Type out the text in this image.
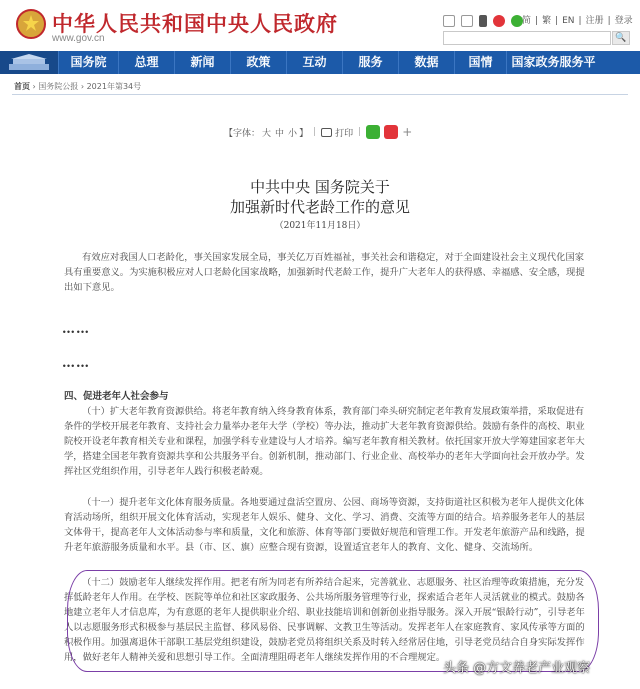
中华人民共和国中央人民政府
www.gov.cn
简 | 繁 | EN | 注册 | 登录
🔍
国务院	总理	新闻	政策	互动	服务	数据	国情	国家政务服务平台
首页 › 国务院公报 › 2021年第34号
【字体： 大 中 小 】 | 打印 |	+
中共中央 国务院关于
加强新时代老龄工作的意见
（2021年11月18日）
有效应对我国人口老龄化，事关国家发展全局，事关亿万百姓福祉，事关社会和谐稳定，对于全面建设社会主义现代化国家具有重要意义。为实施积极应对人口老龄化国家战略，加强新时代老龄工作，提升广大老年人的获得感、幸福感、安全感，现提出如下意见。
……
……
四、促进老年人社会参与
（十）扩大老年教育资源供给。将老年教育纳入终身教育体系，教育部门牵头研究制定老年教育发展政策举措，采取促进有条件的学校开展老年教育、支持社会力量举办老年大学（学校）等办法，推动扩大老年教育资源供给。鼓励有条件的高校、职业院校开设老年教育相关专业和课程，加强学科专业建设与人才培养。编写老年教育相关教材。依托国家开放大学筹建国家老年大学，搭建全国老年教育资源共享和公共服务平台。创新机制，推动部门、行业企业、高校举办的老年大学面向社会开放办学。发挥社区党组织作用，引导老年人践行积极老龄观。
（十一）提升老年文化体育服务质量。各地要通过盘活空置房、公园、商场等资源，支持街道社区积极为老年人提供文化体育活动场所，组织开展文化体育活动，实现老年人娱乐、健身、文化、学习、消费、交流等方面的结合。培养服务老年人的基层文体骨干，提高老年人文体活动参与率和质量，文化和旅游、体育等部门要做好规范和管理工作。开发老年旅游产品和线路，提升老年旅游服务质量和水平。县（市、区、旗）应整合现有资源，设置适宜老年人的教育、文化、健身、交流场所。
（十二）鼓励老年人继续发挥作用。把老有所为同老有所养结合起来，完善就业、志愿服务、社区治理等政策措施，充分发挥低龄老年人作用。在学校、医院等单位和社区家政服务、公共场所服务管理等行业，探索适合老年人灵活就业的模式。鼓励各地建立老年人才信息库，为有意愿的老年人提供职业介绍、职业技能培训和创新创业指导服务。深入开展“银龄行动”，引导老年人以志愿服务形式积极参与基层民主监督、移风易俗、民事调解、文教卫生等活动。发挥老年人在家庭教育、家风传承等方面的积极作用。加强离退休干部职工基层党组织建设，鼓励老党员将组织关系及时转入经常居住地，引导老党员结合自身实际发挥作用，做好老年人精神关爱和思想引导工作。全面清理阻碍老年人继续发挥作用的不合理规定。
头条 @方文养老产业观察
